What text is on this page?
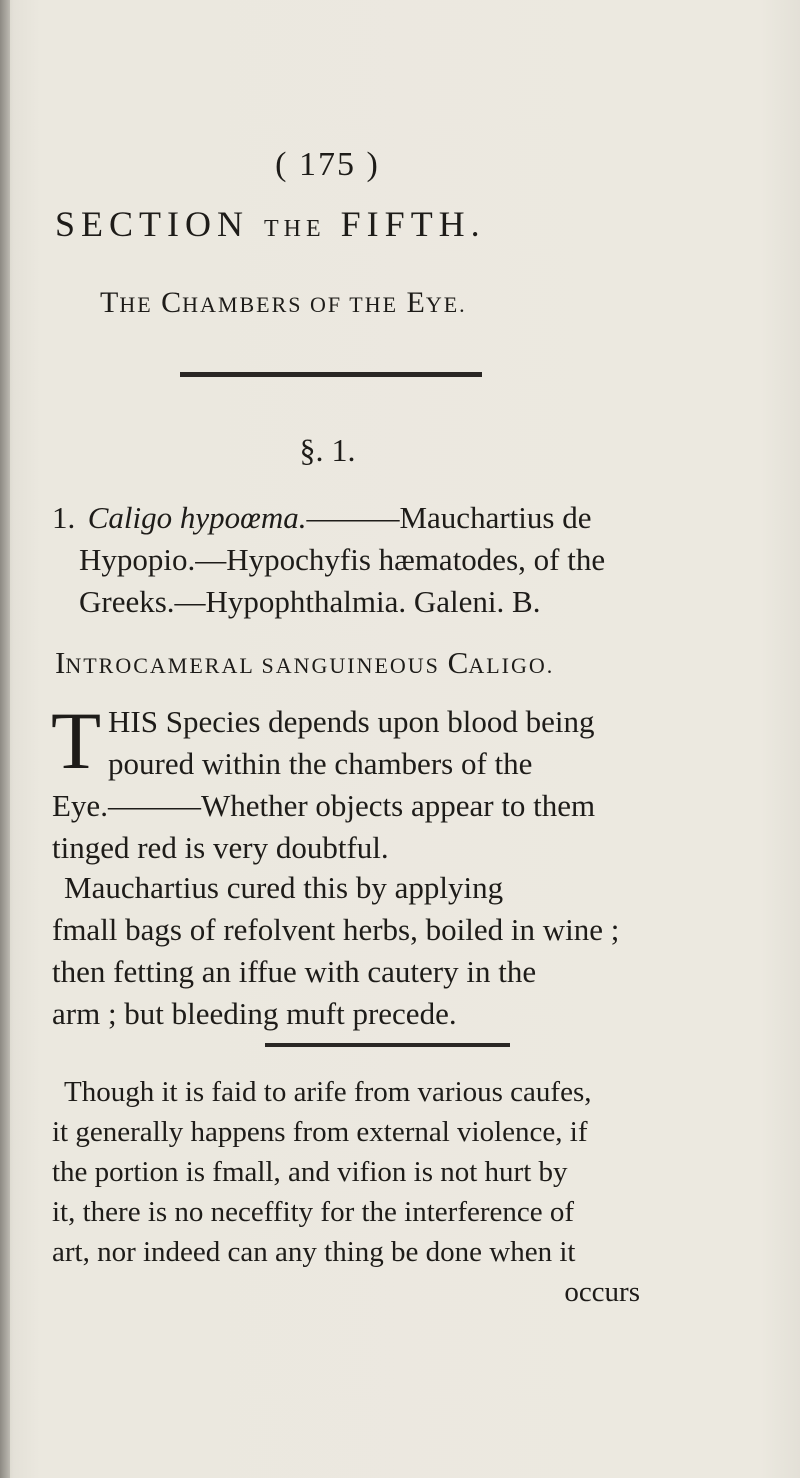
( 175 )
SECTION THE FIFTH.
THE CHAMBERS OF THE EYE.
§. 1.
1. Caligo hypoœma.———Mauchartius de
Hypopio.—Hypochyfis hæmatodes, of the
Greeks.—Hypophthalmia. Galeni. B.
INTROCAMERAL SANGUINEOUS CALIGO.
T HIS Species depends upon blood being
poured within the chambers of the
Eye.———Whether objects appear to them
tinged red is very doubtful.
Mauchartius cured this by applying
fmall bags of refolvent herbs, boiled in wine ;
then fetting an iffue with cautery in the
arm ; but bleeding muft precede.
Though it is faid to arife from various caufes,
it generally happens from external violence, if
the portion is fmall, and vifion is not hurt by
it, there is no neceffity for the interference of
art, nor indeed can any thing be done when it
occurs
